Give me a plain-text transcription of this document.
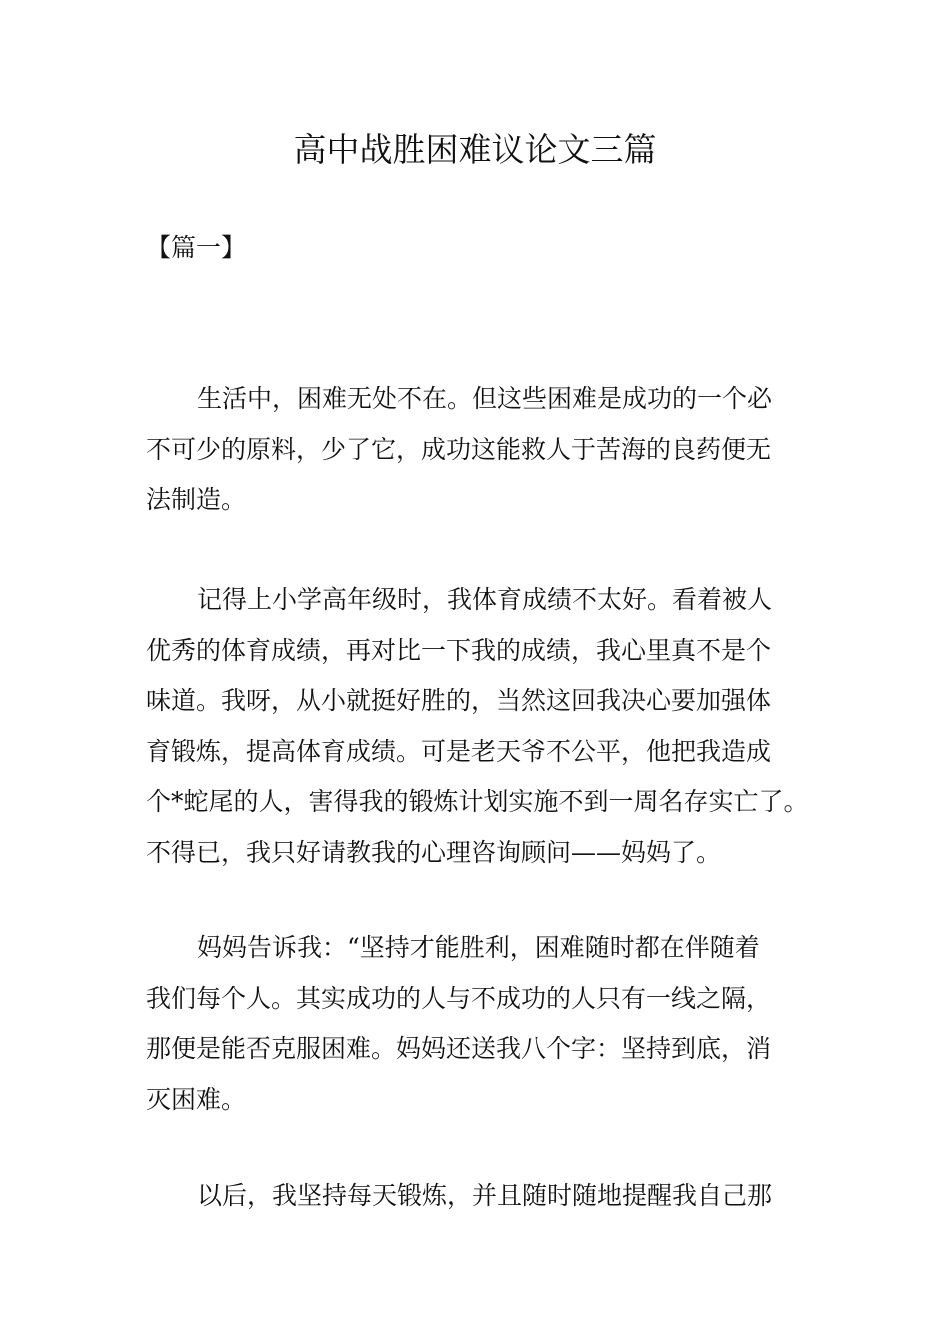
高中战胜困难议论文三篇

【篇一】

生活中，困难无处不在。但这些困难是成功的一个必
不可少的原料，少了它，成功这能救人于苦海的良药便无
法制造。

记得上小学高年级时，我体育成绩不太好。看着被人
优秀的体育成绩，再对比一下我的成绩，我心里真不是个
味道。我呀，从小就挺好胜的，当然这回我决心要加强体
育锻炼，提高体育成绩。可是老天爷不公平，他把我造成
个*蛇尾的人，害得我的锻炼计划实施不到一周名存实亡了。
不得已，我只好请教我的心理咨询顾问——妈妈了。

妈妈告诉我：“坚持才能胜利，困难随时都在伴随着
我们每个人。其实成功的人与不成功的人只有一线之隔，
那便是能否克服困难。妈妈还送我八个字：坚持到底，消
灭困难。

以后，我坚持每天锻炼，并且随时随地提醒我自己那
